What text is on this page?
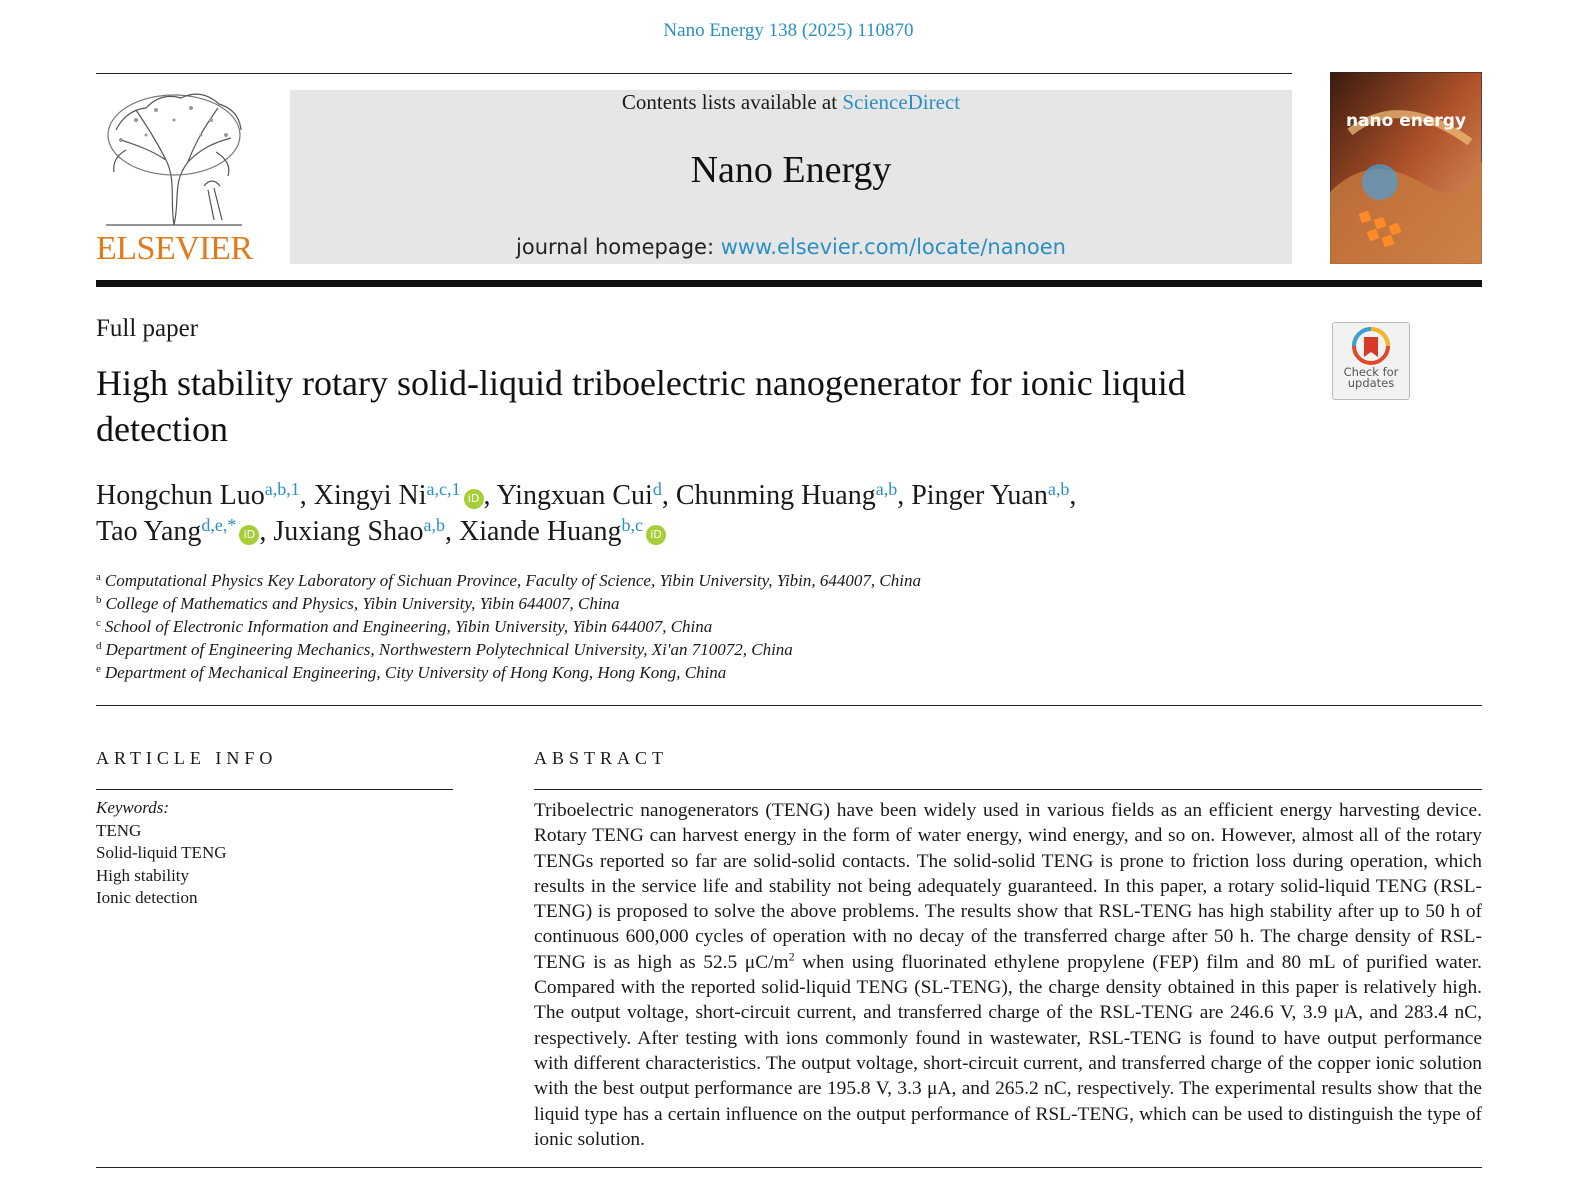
Nano Energy 138 (2025) 110870
ELSEVIER
Contents lists available at ScienceDirect
Nano Energy
journal homepage: www.elsevier.com/locate/nanoen
nano energy
Full paper
Check for
updates
High stability rotary solid-liquid triboelectric nanogenerator for ionic liquid detection
Hongchun Luo$^{a,b,1}$, Xingyi Ni$^{a,c,1}$ iD , Yingxuan Cui$^d$, Chunming Huang$^{a,b}$, Pinger Yuan$^{a,b}$,
Tao Yang$^{d,e,*}$ iD , Juxiang Shao$^{a,b}$, Xiande Huang$^{b,c}$ iD
$^a$ Computational Physics Key Laboratory of Sichuan Province, Faculty of Science, Yibin University, Yibin, 644007, China
$^b$ College of Mathematics and Physics, Yibin University, Yibin 644007, China
$^c$ School of Electronic Information and Engineering, Yibin University, Yibin 644007, China
$^d$ Department of Engineering Mechanics, Northwestern Polytechnical University, Xi'an 710072, China
$^e$ Department of Mechanical Engineering, City University of Hong Kong, Hong Kong, China
ARTICLE INFO
Keywords:
TENG
Solid-liquid TENG
High stability
Ionic detection
ABSTRACT
Triboelectric nanogenerators (TENG) have been widely used in various fields as an efficient energy harvesting device. Rotary TENG can harvest energy in the form of water energy, wind energy, and so on. However, almost all of the rotary TENGs reported so far are solid-solid contacts. The solid-solid TENG is prone to friction loss during operation, which results in the service life and stability not being adequately guaranteed. In this paper, a rotary solid-liquid TENG (RSL-TENG) is proposed to solve the above problems. The results show that RSL-TENG has high stability after up to 50 h of continuous 600,000 cycles of operation with no decay of the transferred charge after 50 h. The charge density of RSL-TENG is as high as 52.5 $\mu C/m^2$ when using fluorinated ethylene propylene (FEP) film and 80 mL of purified water. Compared with the reported solid-liquid TENG (SL-TENG), the charge density obtained in this paper is relatively high. The output voltage, short-circuit current, and transferred charge of the RSL-TENG are 246.6 V, 3.9 μA, and 283.4 nC, respectively. After testing with ions commonly found in wastewater, RSL-TENG is found to have output performance with different characteristics. The output voltage, short-circuit current, and transferred charge of the copper ionic solution with the best output performance are 195.8 V, 3.3 μA, and 265.2 nC, respectively. The experimental results show that the liquid type has a certain influence on the output performance of RSL-TENG, which can be used to distinguish the type of ionic solution.
